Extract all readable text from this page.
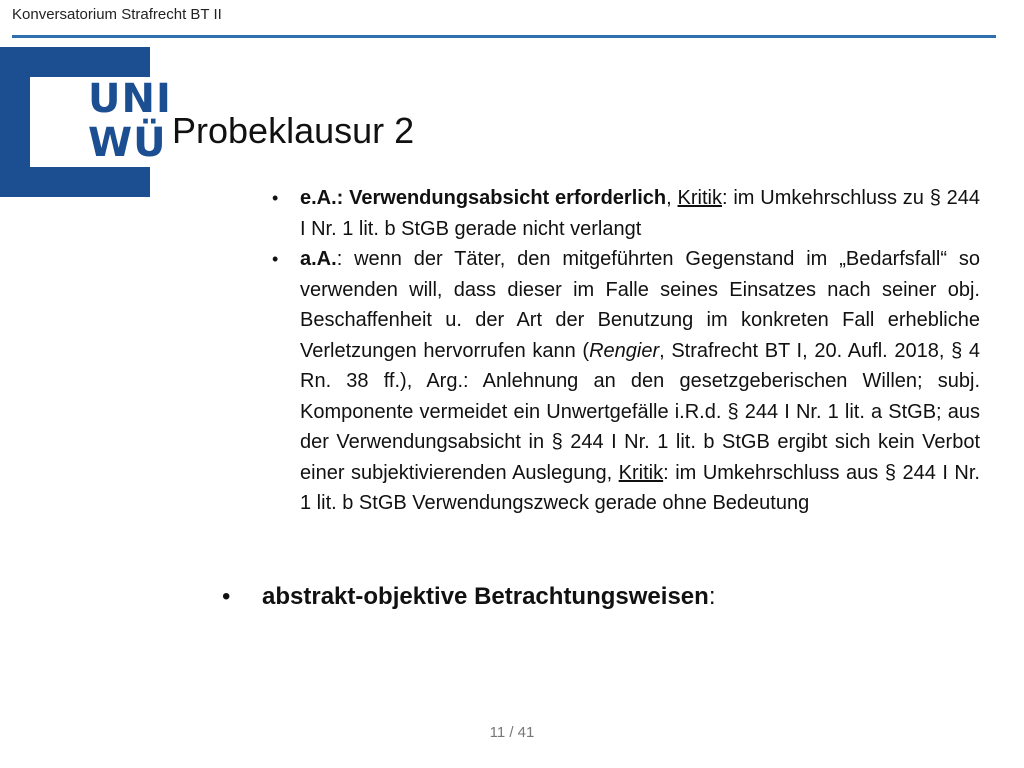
Konversatorium Strafrecht BT II
UNI
WÜ Probeklausur 2

• e.A.: Verwendungsabsicht erforderlich, Kritik: im Umkehrschluss zu § 244 I Nr. 1 lit. b StGB gerade nicht verlangt

• a.A.: wenn der Täter, den mitgeführten Gegenstand im „Bedarfsfall“ so verwenden will, dass dieser im Falle seines Einsatzes nach seiner obj. Beschaffenheit u. der Art der Benutzung im konkreten Fall erhebliche Verletzungen hervorrufen kann (Rengier, Strafrecht BT I, 20. Aufl. 2018, § 4 Rn. 38 ff.), Arg.: Anlehnung an den gesetzgeberischen Willen; subj. Komponente vermeidet ein Unwertgefälle i.R.d. § 244 I Nr. 1 lit. a StGB; aus der Verwendungsabsicht in § 244 I Nr. 1 lit. b StGB ergibt sich kein Verbot einer subjektivierenden Auslegung, Kritik: im Umkehrschluss aus § 244 I Nr. 1 lit. b StGB Verwendungszweck gerade ohne Bedeutung

• abstrakt-objektive Betrachtungsweisen:
11 / 41
